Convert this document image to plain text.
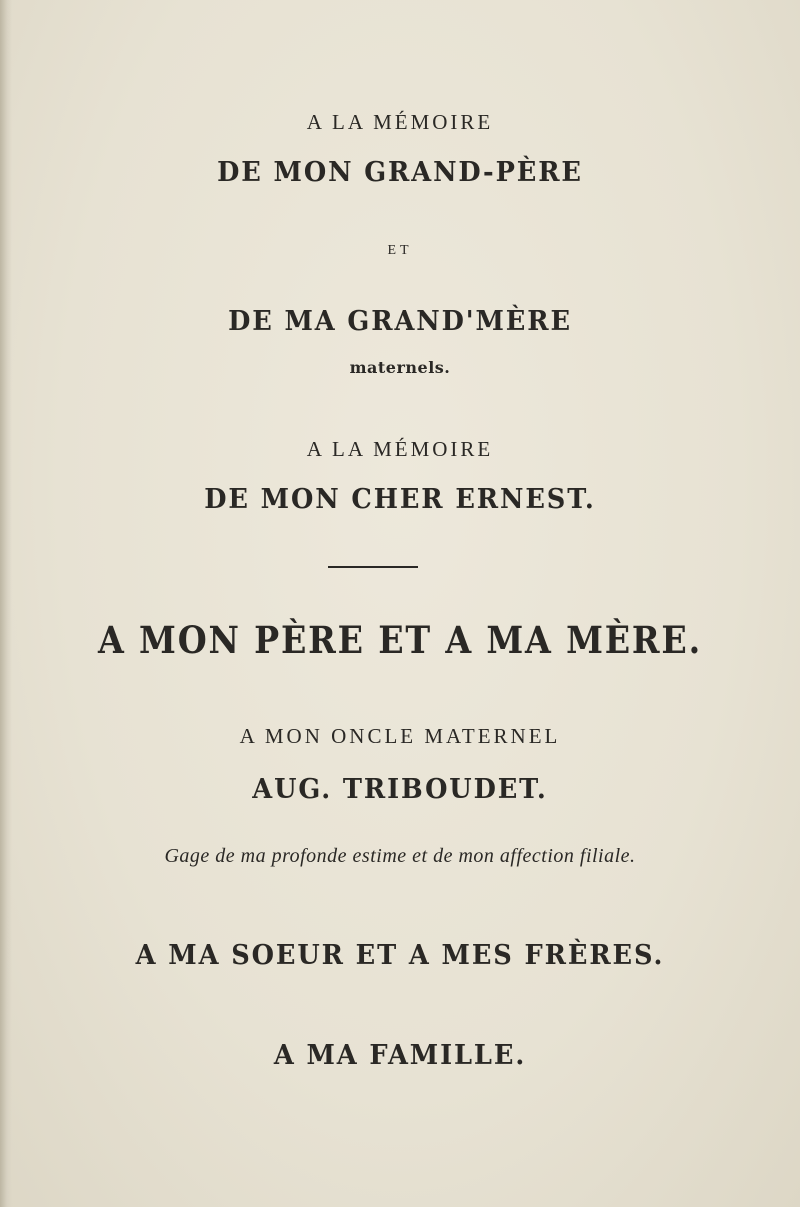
A LA MÉMOIRE
DE MON GRAND-PÈRE
ET
DE MA GRAND'MÈRE
maternels.
A LA MÉMOIRE
DE MON CHER ERNEST.
A MON PÈRE ET A MA MÈRE.
A MON ONCLE MATERNEL
AUG. TRIBOUDET.
Gage de ma profonde estime et de mon affection filiale.
A MA SOEUR ET A MES FRÈRES.
A MA FAMILLE.
